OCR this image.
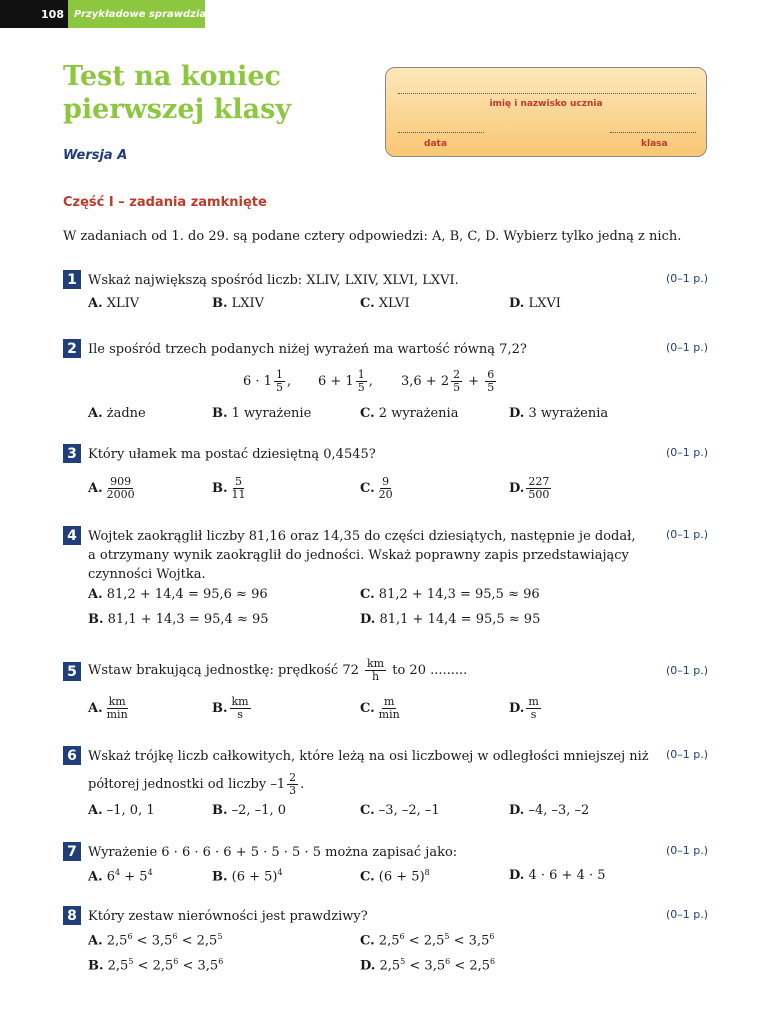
108	Przykładowe sprawdziany
Test na koniec
pierwszej klasy
Wersja A
imię i nazwisko ucznia
data	klasa
Część I – zadania zamknięte
W zadaniach od 1. do 29. są podane cztery odpowiedzi: A, B, C, D. Wybierz tylko jedną z nich.
1 Wskaż największą spośród liczb: XLIV, LXIV, XLVI, LXVI.	(0–1 p.)
A. XLIV	B. LXIV	C. XLVI	D. LXVI
2 Ile spośród trzech podanych niżej wyrażeń ma wartość równą 7,2?	(0–1 p.)
$6 \cdot 1 \frac{1}{5}$ , $6 + 1 \frac{1}{5}$ , $3,6 + 2 \frac{2}{5} + \frac{6}{5}$
A. żadne	B. 1 wyrażenie	C. 2 wyrażenia	D. 3 wyrażenia
3 Który ułamek ma postać dziesiętną 0,4545?	(0–1 p.)
A. $\frac{909}{2000}$	B. $\frac{5}{11}$	C. $\frac{9}{20}$	D. $\frac{227}{500}$
4 Wojtek zaokrąglił liczby 81,16 oraz 14,35 do części dziesiątych, następnie je dodał,
a otrzymany wynik zaokrąglił do jedności. Wskaż poprawny zapis przedstawiający
czynności Wojtka.
(0–1 p.)
A. 81,2 + 14,4 = 95,6 ≈ 96	C. 81,2 + 14,3 = 95,5 ≈ 96
B. 81,1 + 14,3 = 95,4 ≈ 95	D. 81,1 + 14,4 = 95,5 ≈ 95
5 Wstaw brakującą jednostkę: prędkość $72 \frac{km}{h}$ to 20 .........	(0–1 p.)
A. $\frac{km}{\min}$	B. $\frac{km}{s}$	C. $\frac{m}{\min}$	D. $\frac{m}{s}$
6 Wskaż trójkę liczb całkowitych, które leżą na osi liczbowej w odległości mniejszej niż
półtorej jednostki od liczby $-1 \frac{2}{3}$ .
(0–1 p.)
A. –1, 0, 1	B. –2, –1, 0	C. –3, –2, –1	D. –4, –3, –2
7 Wyrażenie 6 · 6 · 6 · 6 + 5 · 5 · 5 · 5 można zapisać jako:	(0–1 p.)
A. $6^4 + 5^4$	B. $(6 + 5)^4$	C. $(6 + 5)^8$	D. 4 · 6 + 4 · 5
8 Który zestaw nierówności jest prawdziwy?	(0–1 p.)
A. $2,5^6 < 3,5^6 < 2,5^5$	C. $2,5^6 < 2,5^5 < 3,5^6$
B. $2,5^5 < 2,5^6 < 3,5^6$	D. $2,5^5 < 3,5^6 < 2,5^6$
